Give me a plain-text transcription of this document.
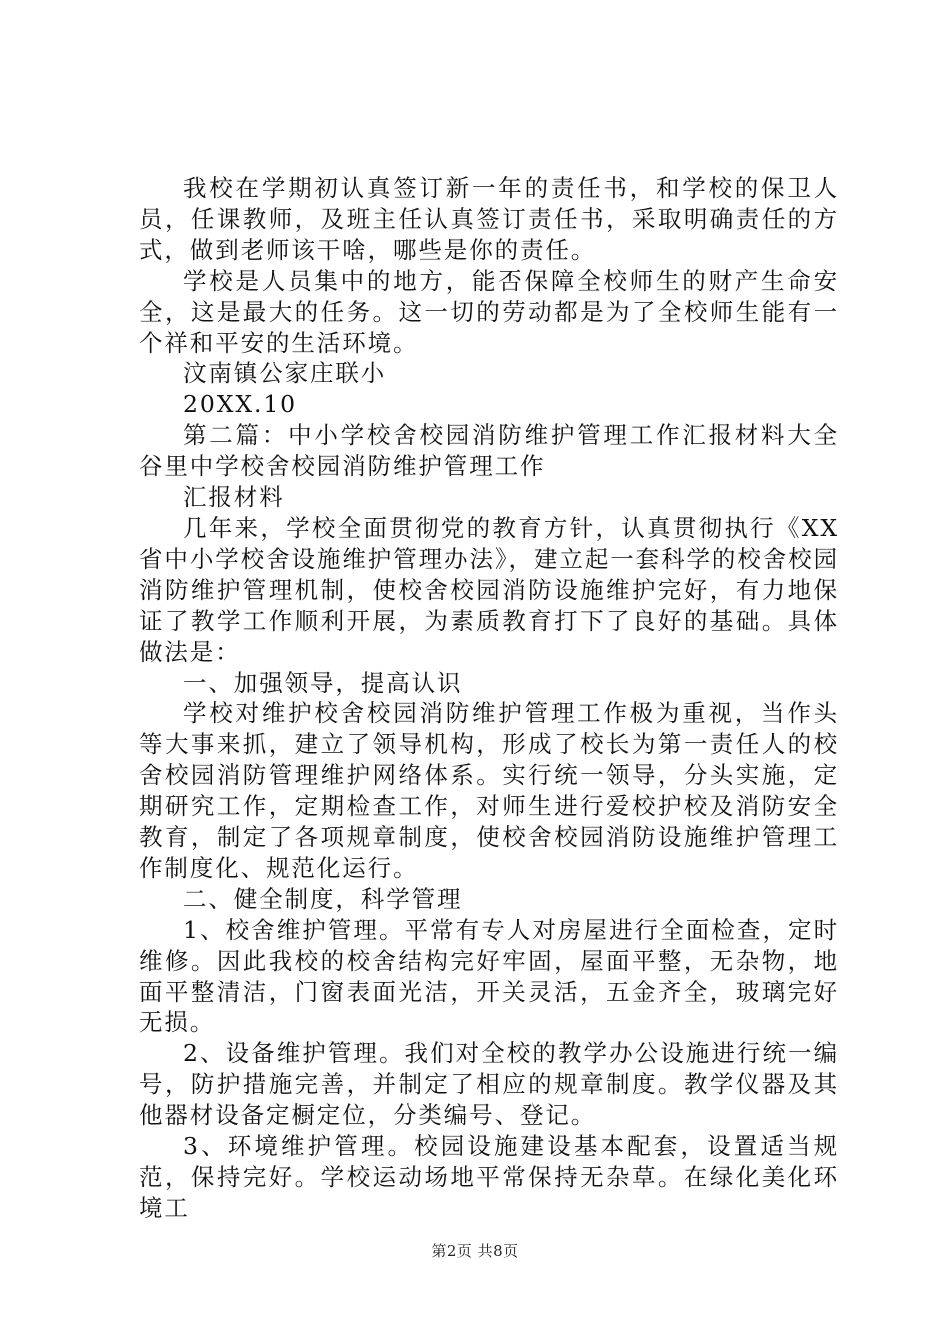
我校在学期初认真签订新一年的责任书，和学校的保卫人员，任课教师，及班主任认真签订责任书，采取明确责任的方式，做到老师该干啥，哪些是你的责任。

学校是人员集中的地方，能否保障全校师生的财产生命安全，这是最大的任务。这一切的劳动都是为了全校师生能有一个祥和平安的生活环境。

汶南镇公家庄联小

20XX.10

第二篇：中小学校舍校园消防维护管理工作汇报材料大全谷里中学校舍校园消防维护管理工作

汇报材料

几年来，学校全面贯彻党的教育方针，认真贯彻执行《XX省中小学校舍设施维护管理办法》，建立起一套科学的校舍校园消防维护管理机制，使校舍校园消防设施维护完好，有力地保证了教学工作顺利开展，为素质教育打下了良好的基础。具体做法是：

一、加强领导，提高认识

学校对维护校舍校园消防维护管理工作极为重视，当作头等大事来抓，建立了领导机构，形成了校长为第一责任人的校舍校园消防管理维护网络体系。实行统一领导，分头实施，定期研究工作，定期检查工作，对师生进行爱校护校及消防安全教育，制定了各项规章制度，使校舍校园消防设施维护管理工作制度化、规范化运行。

二、健全制度，科学管理

1、校舍维护管理。平常有专人对房屋进行全面检查，定时维修。因此我校的校舍结构完好牢固，屋面平整，无杂物，地面平整清洁，门窗表面光洁，开关灵活，五金齐全，玻璃完好无损。

2、设备维护管理。我们对全校的教学办公设施进行统一编号，防护措施完善，并制定了相应的规章制度。教学仪器及其他器材设备定橱定位，分类编号、登记。

3、环境维护管理。校园设施建设基本配套，设置适当规范，保持完好。学校运动场地平常保持无杂草。在绿化美化环境工

第2页 共8页
